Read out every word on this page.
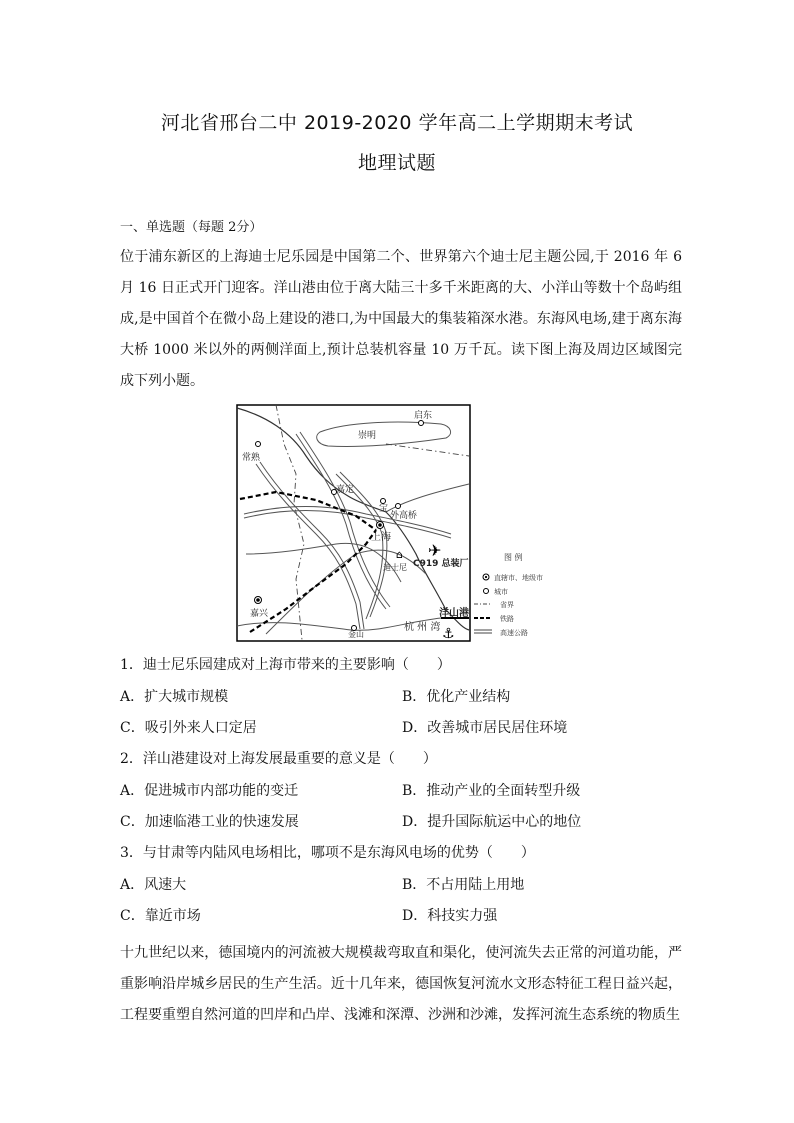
河北省邢台二中 2019-2020 学年高二上学期期末考试
地理试题
一、单选题（每题 2分）
位于浦东新区的上海迪士尼乐园是中国第二个、世界第六个迪士尼主题公园,于 2016 年 6 月 16 日正式开门迎客。洋山港由位于离大陆三十多千米距离的大、小洋山等数十个岛屿组成,是中国首个在微小岛上建设的港口,为中国最大的集装箱深水港。东海风电场,建于离东海大桥 1000 米以外的两侧洋面上,预计总装机容量 10 万千瓦。读下图上海及周边区域图完成下列小题。
⌂ ✈
⚓
启东
崇明
常熟
嘉定
宝
外高桥
上海
迪士尼 C919 总装厂
嘉兴
金山
杭 州 湾
洋山港
图 例
直辖市、地级市
城市
省界
铁路
高速公路
1．迪士尼乐园建成对上海市带来的主要影响（　　）
A．扩大城市规模	B．优化产业结构
C．吸引外来人口定居	D．改善城市居民居住环境
2．洋山港建设对上海发展最重要的意义是（　　）
A．促进城市内部功能的变迁	B．推动产业的全面转型升级
C．加速临港工业的快速发展	D．提升国际航运中心的地位
3．与甘肃等内陆风电场相比，哪项不是东海风电场的优势（　　）
A．风速大	B．不占用陆上用地
C．靠近市场	D．科技实力强
十九世纪以来，德国境内的河流被大规模裁弯取直和渠化，使河流失去正常的河道功能，严重影响沿岸城乡居民的生产生活。近十几年来，德国恢复河流水文形态特征工程日益兴起，工程要重塑自然河道的凹岸和凸岸、浅滩和深潭、沙洲和沙滩，发挥河流生态系统的物质生
